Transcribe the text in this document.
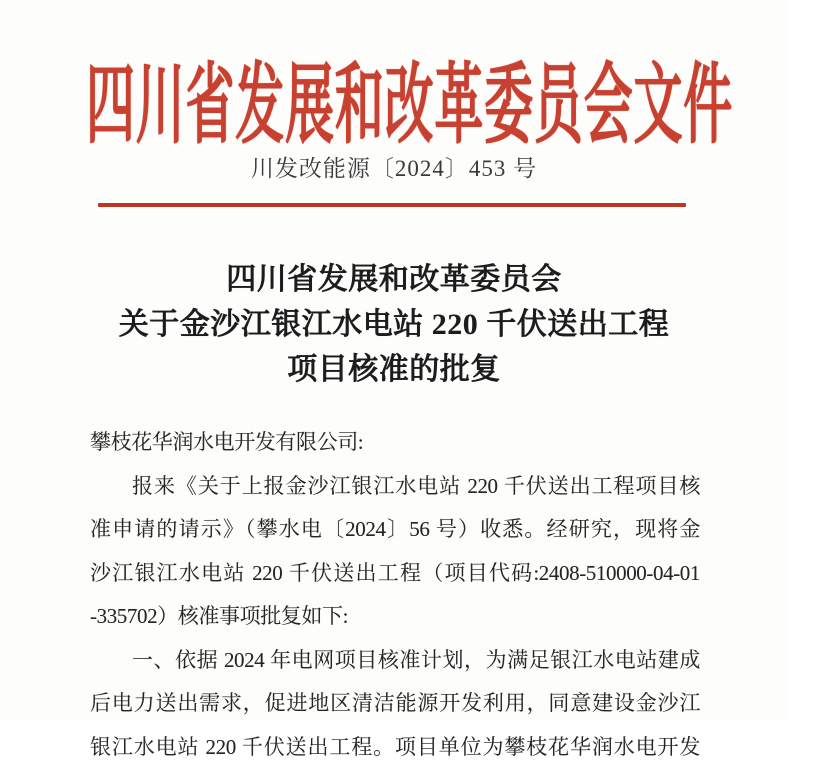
四川省发展和改革委员会文件
川发改能源〔2024〕453 号
四川省发展和改革委员会
关于金沙江银江水电站 220 千伏送出工程
项目核准的批复
攀枝花华润水电开发有限公司:
报来《关于上报金沙江银江水电站 220 千伏送出工程项目核
准申请的请示》（攀水电〔2024〕56 号）收悉。经研究，现将金
沙江银江水电站 220 千伏送出工程（项目代码:2408-510000-04-01
-335702）核准事项批复如下:
一、依据 2024 年电网项目核准计划，为满足银江水电站建成
后电力送出需求，促进地区清洁能源开发利用，同意建设金沙江
银江水电站 220 千伏送出工程。项目单位为攀枝花华润水电开发
